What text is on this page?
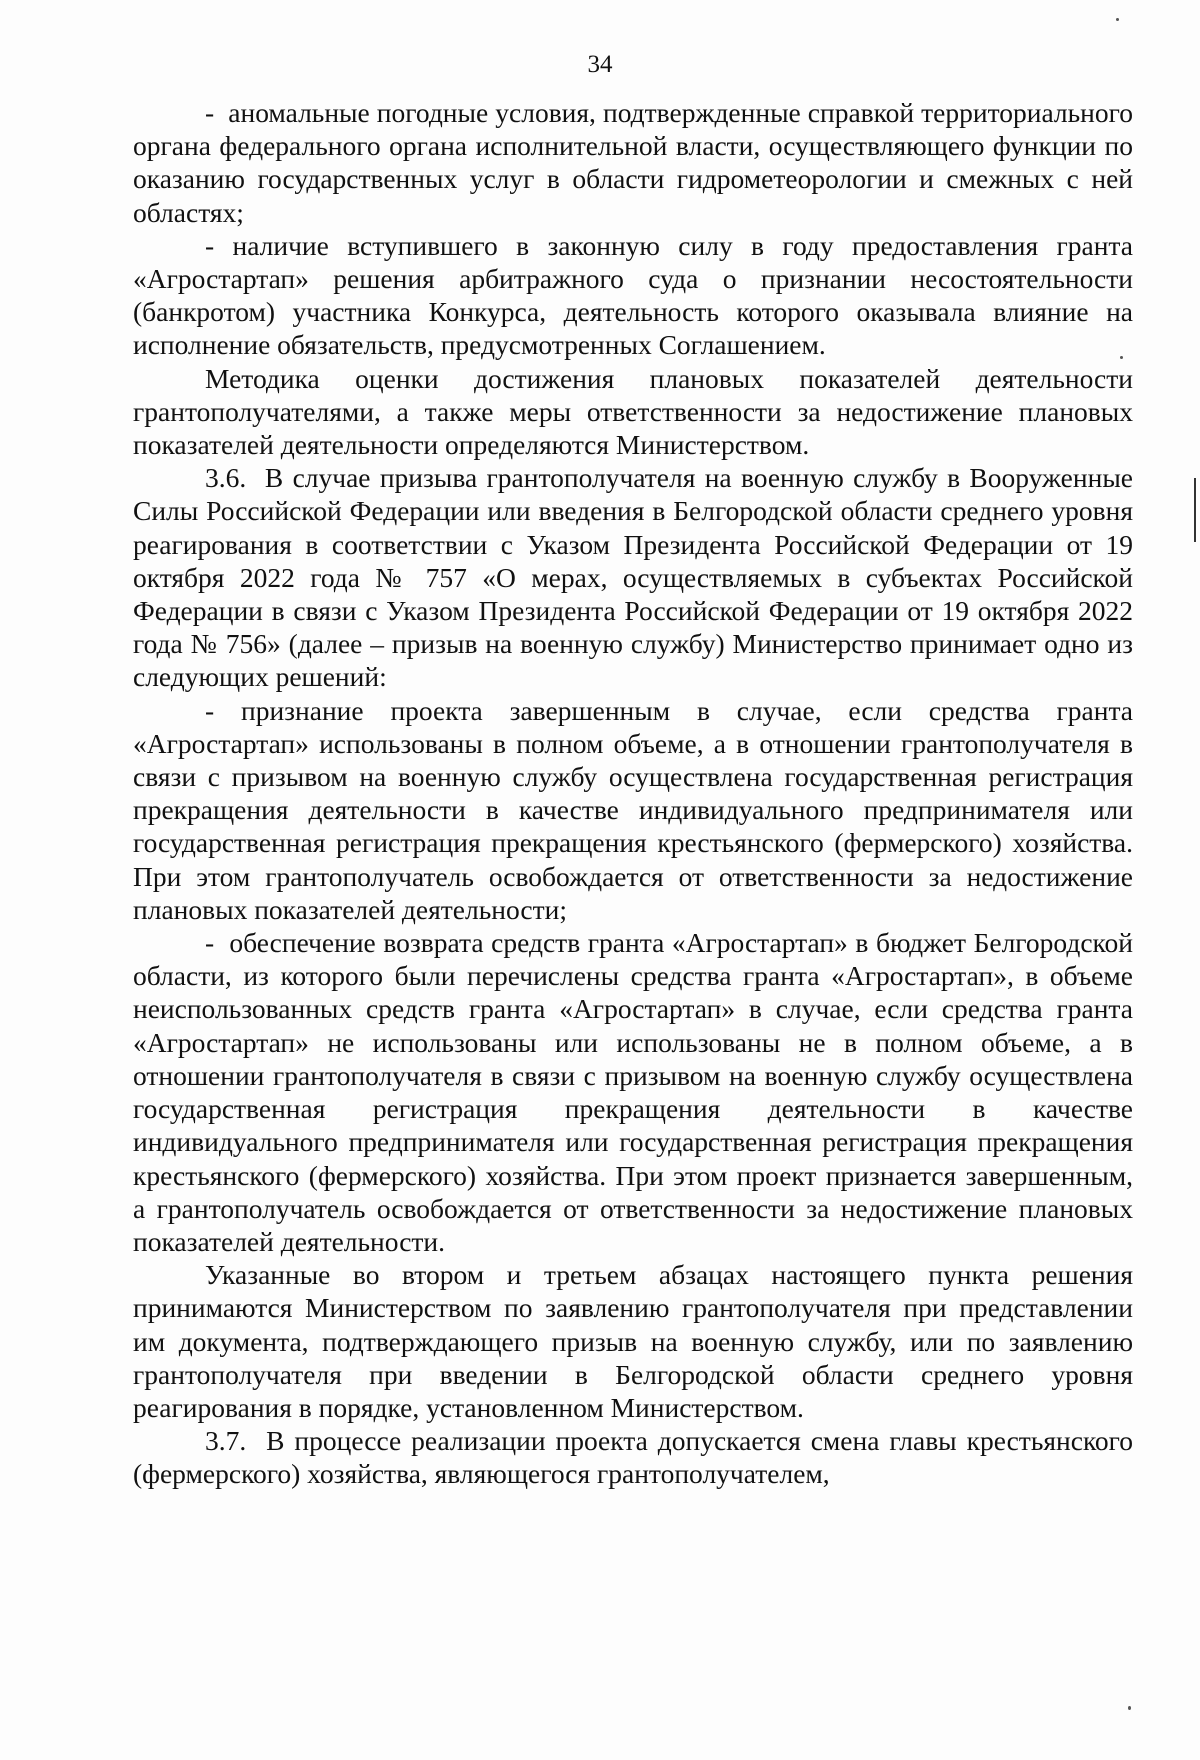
34

-  аномальные погодные условия, подтвержденные справкой территориального органа федерального органа исполнительной власти, осуществляющего функции по оказанию государственных услуг в области гидрометеорологии и смежных с ней областях;

- наличие вступившего в законную силу в году предоставления гранта «Агростартап» решения арбитражного суда о признании несостоятельности (банкротом) участника Конкурса, деятельность которого оказывала влияние на исполнение обязательств, предусмотренных Соглашением.

Методика оценки достижения плановых показателей деятельности грантополучателями, а также меры ответственности за недостижение плановых показателей деятельности определяются Министерством.

3.6.  В случае призыва грантополучателя на военную службу в Вооруженные Силы Российской Федерации или введения в Белгородской области среднего уровня реагирования в соответствии с Указом Президента Российской Федерации от 19 октября 2022 года № 757 «О мерах, осуществляемых в субъектах Российской Федерации в связи с Указом Президента Российской Федерации от 19 октября 2022 года № 756» (далее – призыв на военную службу) Министерство принимает одно из следующих решений:

- признание проекта завершенным в случае, если средства гранта «Агростартап» использованы в полном объеме, а в отношении грантополучателя в связи с призывом на военную службу осуществлена государственная регистрация прекращения деятельности в качестве индивидуального предпринимателя или государственная регистрация прекращения крестьянского (фермерского) хозяйства. При этом грантополучатель освобождается от ответственности за недостижение плановых показателей деятельности;

-  обеспечение возврата средств гранта «Агростартап» в бюджет Белгородской области, из которого были перечислены средства гранта «Агростартап», в объеме неиспользованных средств гранта «Агростартап» в случае, если средства гранта «Агростартап» не использованы или использованы не в полном объеме, а в отношении грантополучателя в связи с призывом на военную службу осуществлена государственная регистрация прекращения деятельности в качестве индивидуального предпринимателя или государственная регистрация прекращения крестьянского (фермерского) хозяйства. При этом проект признается завершенным, а грантополучатель освобождается от ответственности за недостижение плановых показателей деятельности.

Указанные во втором и третьем абзацах настоящего пункта решения принимаются Министерством по заявлению грантополучателя при представлении им документа, подтверждающего призыв на военную службу, или по заявлению грантополучателя при введении в Белгородской области среднего уровня реагирования в порядке, установленном Министерством.

3.7.  В процессе реализации проекта допускается смена главы крестьянского (фермерского) хозяйства, являющегося грантополучателем,
